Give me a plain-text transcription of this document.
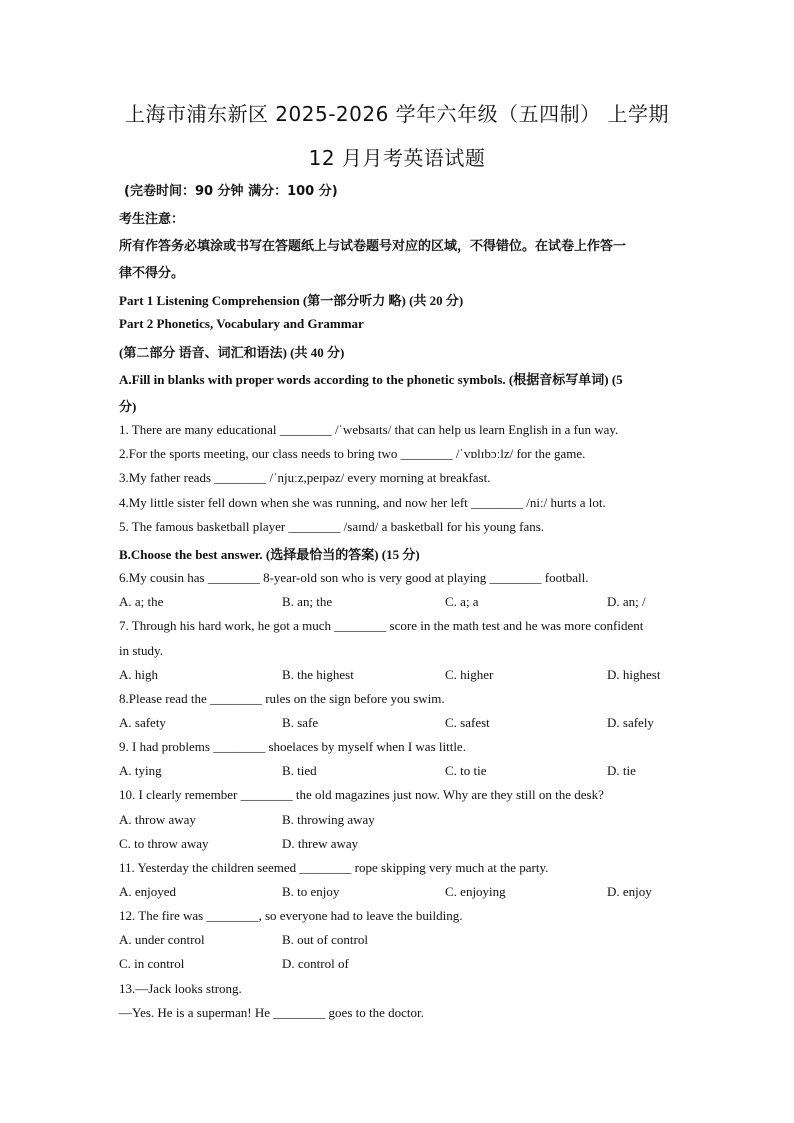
上海市浦东新区 2025-2026 学年六年级（五四制） 上学期
12 月月考英语试题
(完卷时间：90 分钟 满分：100 分)
考生注意：
所有作答务必填涂或书写在答题纸上与试卷题号对应的区域，不得错位。在试卷上作答一
律不得分。
Part 1 Listening Comprehension (第一部分听力 略) (共 20 分)
Part 2 Phonetics, Vocabulary and Grammar
(第二部分 语音、词汇和语法) (共 40 分)
A.Fill in blanks with proper words according to the phonetic symbols. (根据音标写单词) (5
分)
1. There are many educational ________ /ˈwebsaɪts/ that can help us learn English in a fun way.
2.For the sports meeting, our class needs to bring two ________ /ˈvɒlɪbɔːlz/ for the game.
3.My father reads ________ /ˈnjuːz,peɪpəz/ every morning at breakfast.
4.My little sister fell down when she was running, and now her left ________ /niː/ hurts a lot.
5. The famous basketball player ________ /saɪnd/ a basketball for his young fans.
B.Choose the best answer. (选择最恰当的答案) (15 分)
6.My cousin has ________ 8-year-old son who is very good at playing ________ football.
A. a; the	B. an; the	C. a; a	D. an; /
7. Through his hard work, he got a much ________ score in the math test and he was more confident
in study.
A. high	B. the highest	C. higher	D. highest
8.Please read the ________ rules on the sign before you swim.
A. safety	B. safe	C. safest	D. safely
9. I had problems ________ shoelaces by myself when I was little.
A. tying	B. tied	C. to tie	D. tie
10. I clearly remember ________ the old magazines just now. Why are they still on the desk?
A. throw away	B. throwing away
C. to throw away	D. threw away
11. Yesterday the children seemed ________ rope skipping very much at the party.
A. enjoyed	B. to enjoy	C. enjoying	D. enjoy
12. The fire was ________, so everyone had to leave the building.
A. under control	B. out of control
C. in control	D. control of
13.—Jack looks strong.
—Yes. He is a superman! He ________ goes to the doctor.
